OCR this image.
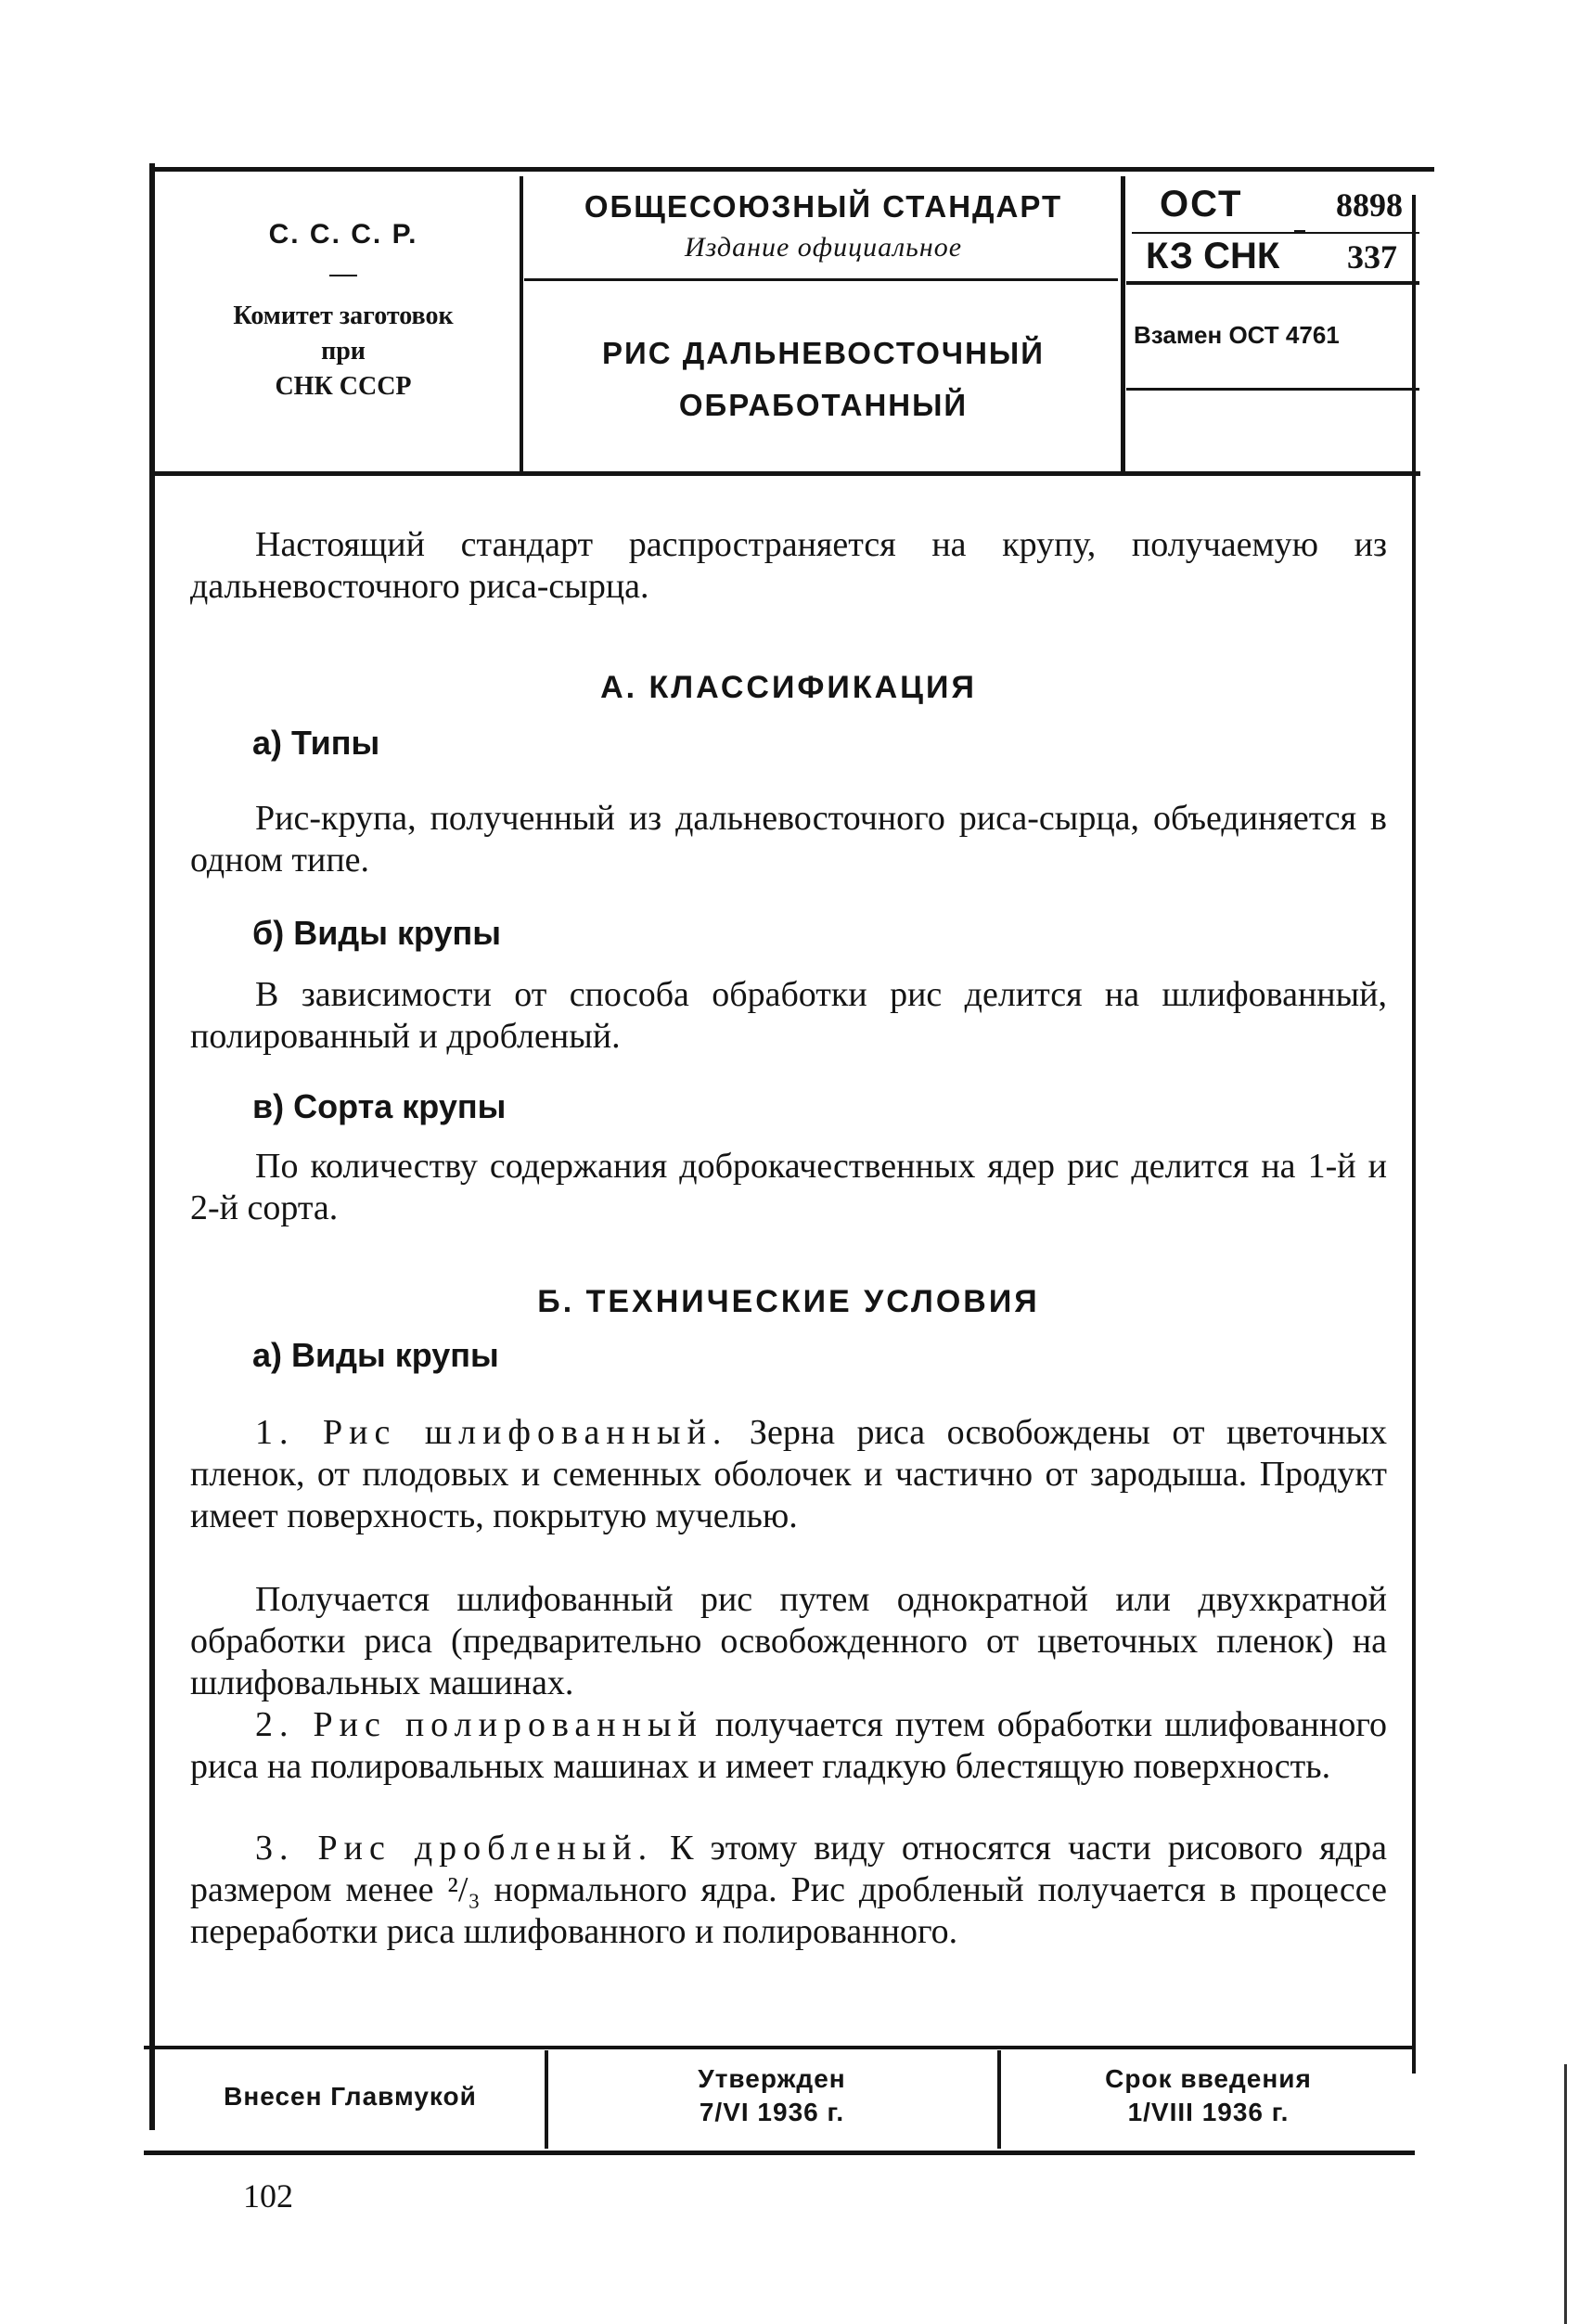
С. С. С. Р.
Комитет заготовок
при
СНК СССР
ОБЩЕСОЮЗНЫЙ СТАНДАРТ
Издание официальное
РИС ДАЛЬНЕВОСТОЧНЫЙ
ОБРАБОТАННЫЙ
ОСТ	8898
КЗ СНК 337
Взамен ОСТ 4761
Настоящий стандарт распространяется на крупу, получаемую из дальневосточного риса-сырца.
А. КЛАССИФИКАЦИЯ
а) Типы
Рис-крупа, полученный из дальневосточного риса-сырца, объединяется в одном типе.
б) Виды крупы
В зависимости от способа обработки рис делится на шлифованный, полированный и дробленый.
в) Сорта крупы
По количеству содержания доброкачественных ядер рис делится на 1-й и 2-й сорта.
Б. ТЕХНИЧЕСКИЕ УСЛОВИЯ
а) Виды крупы
1. Рис шлифованный. Зерна риса освобождены от цветочных пленок, от плодовых и семенных оболочек и частично от зародыша. Продукт имеет поверхность, покрытую мучелью.
Получается шлифованный рис путем однократной или двухкратной обработки риса (предварительно освобожденного от цветочных пленок) на шлифовальных машинах.
2. Рис полированный получается путем обработки шлифованного риса на полировальных машинах и имеет гладкую блестящую поверхность.
3. Рис дробленый. К этому виду относятся части рисового ядра размером менее ²/₃ нормального ядра. Рис дробленый получается в процессе переработки риса шлифованного и полированного.
Внесен Главмукой
Утвержден
7/VI 1936 г.
Срок введения
1/VIII 1936 г.
102
